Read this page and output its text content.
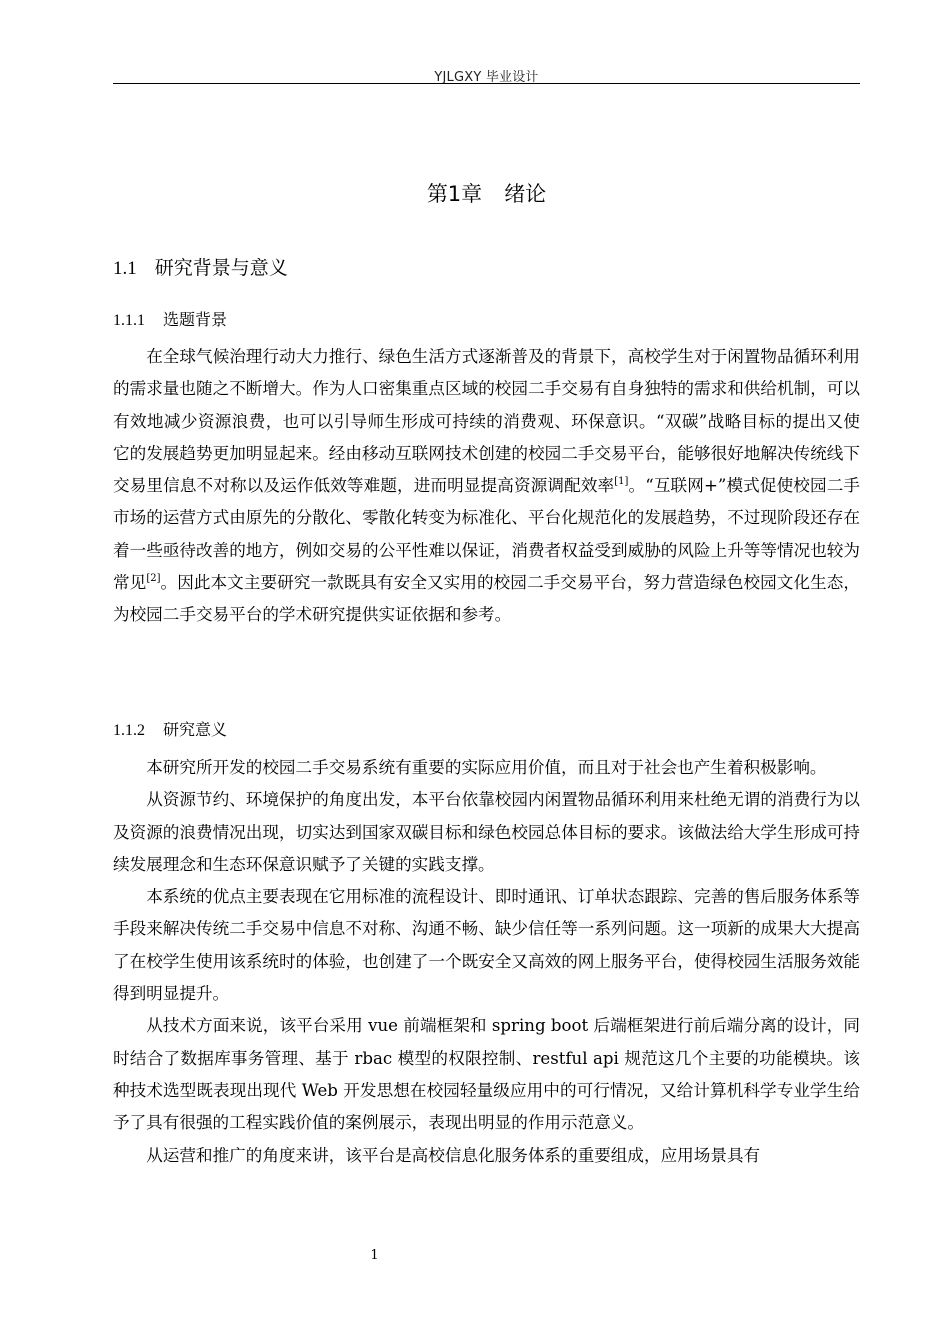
YJLGXY 毕业设计
第1章 绪论
1.1 研究背景与意义
1.1.1 选题背景

在全球气候治理行动大力推行、绿色生活方式逐渐普及的背景下，高校学生对于闲置物品循环利用的需求量也随之不断增大。作为人口密集重点区域的校园二手交易有自身独特的需求和供给机制，可以有效地减少资源浪费，也可以引导师生形成可持续的消费观、环保意识。“双碳”战略目标的提出又使它的发展趋势更加明显起来。经由移动互联网技术创建的校园二手交易平台，能够很好地解决传统线下交易里信息不对称以及运作低效等难题，进而明显提高资源调配效率[1]。“互联网+”模式促使校园二手市场的运营方式由原先的分散化、零散化转变为标准化、平台化规范化的发展趋势，不过现阶段还存在着一些亟待改善的地方，例如交易的公平性难以保证，消费者权益受到威胁的风险上升等等情况也较为常见[2]。因此本文主要研究一款既具有安全又实用的校园二手交易平台，努力营造绿色校园文化生态，为校园二手交易平台的学术研究提供实证依据和参考。

1.1.2 研究意义

本研究所开发的校园二手交易系统有重要的实际应用价值，而且对于社会也产生着积极影响。

从资源节约、环境保护的角度出发，本平台依靠校园内闲置物品循环利用来杜绝无谓的消费行为以及资源的浪费情况出现，切实达到国家双碳目标和绿色校园总体目标的要求。该做法给大学生形成可持续发展理念和生态环保意识赋予了关键的实践支撑。

本系统的优点主要表现在它用标准的流程设计、即时通讯、订单状态跟踪、完善的售后服务体系等手段来解决传统二手交易中信息不对称、沟通不畅、缺少信任等一系列问题。这一项新的成果大大提高了在校学生使用该系统时的体验，也创建了一个既安全又高效的网上服务平台，使得校园生活服务效能得到明显提升。

从技术方面来说，该平台采用 vue 前端框架和 spring boot 后端框架进行前后端分离的设计，同时结合了数据库事务管理、基于 rbac 模型的权限控制、restful api 规范这几个主要的功能模块。该种技术选型既表现出现代 Web 开发思想在校园轻量级应用中的可行情况，又给计算机科学专业学生给予了具有很强的工程实践价值的案例展示，表现出明显的作用示范意义。

从运营和推广的角度来讲，该平台是高校信息化服务体系的重要组成，应用场景具有

1
